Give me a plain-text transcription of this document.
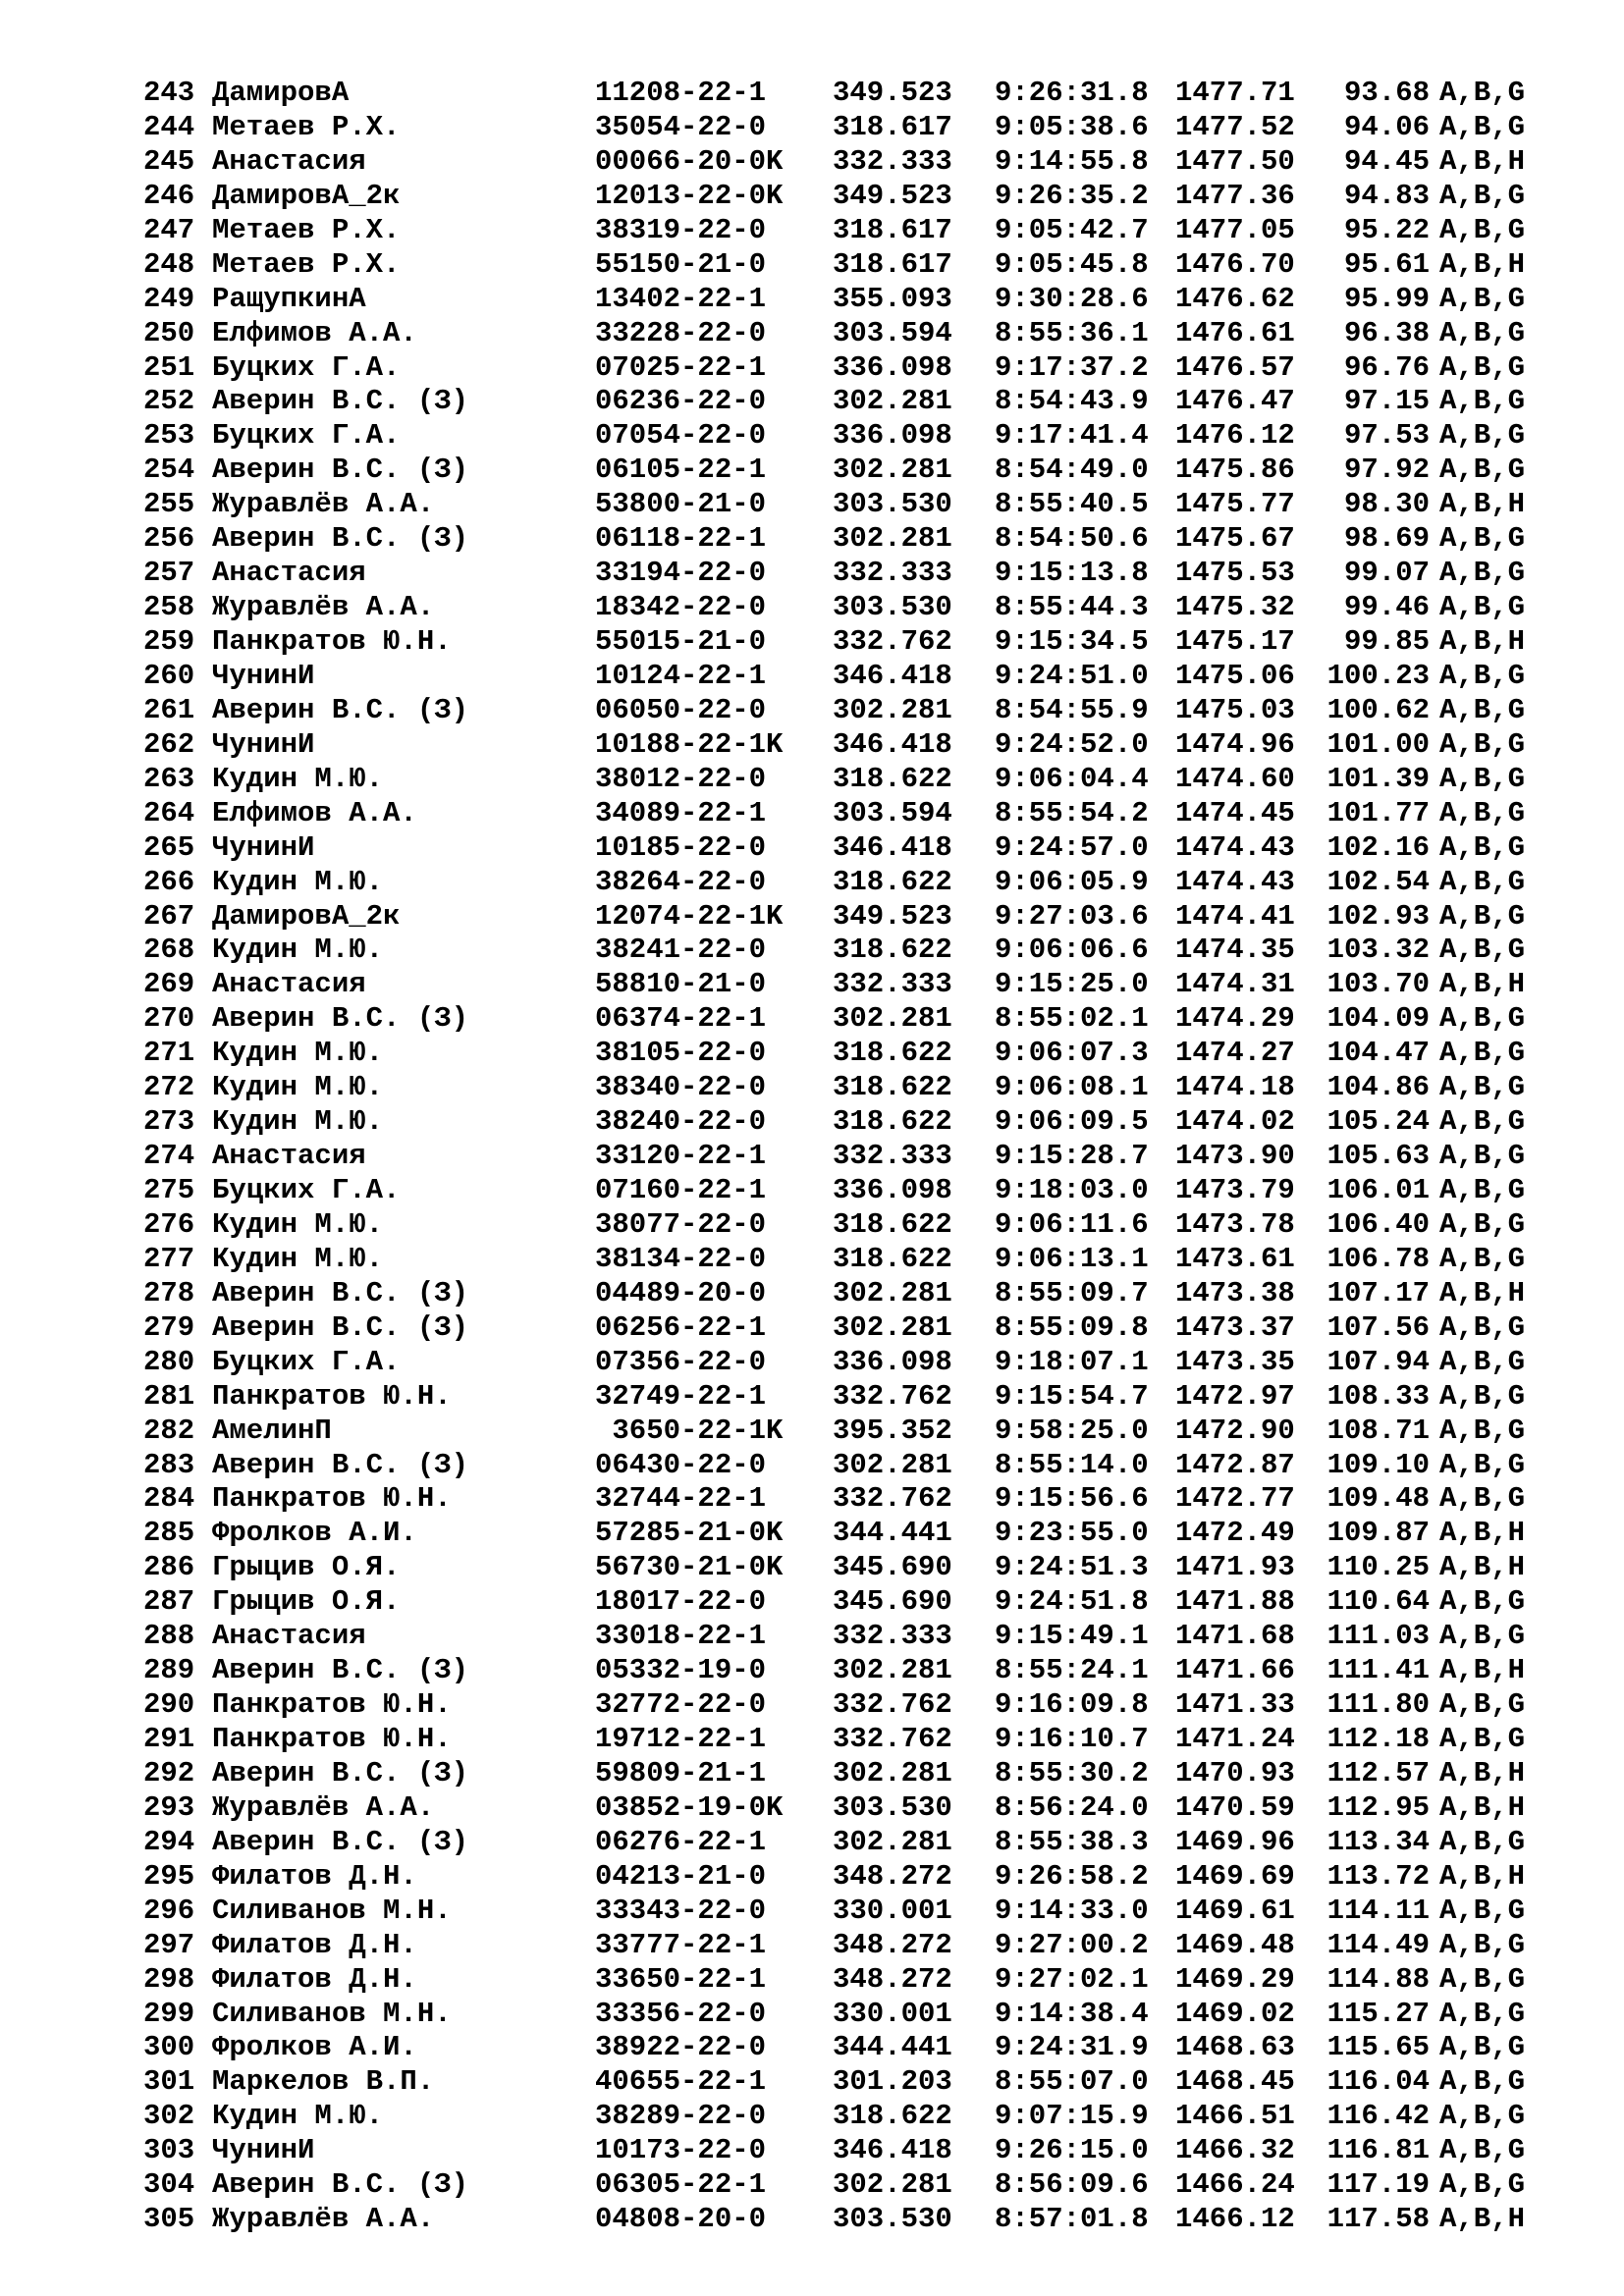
243 ДамировА	11208-22-1 349.523 9:26:31.8 1477.71	93.68 A,B,G
244 Метаев Р.Х.	35054-22-0 318.617 9:05:38.6 1477.52	94.06 A,B,G
245 Анастасия	00066-20-0K 332.333 9:14:55.8 1477.50	94.45 A,B,H
246 ДамировА_2к	12013-22-0K 349.523 9:26:35.2 1477.36	94.83 A,B,G
247 Метаев Р.Х.	38319-22-0 318.617 9:05:42.7 1477.05	95.22 A,B,G
248 Метаев Р.Х.	55150-21-0 318.617 9:05:45.8 1476.70	95.61 A,B,H
249 РащупкинА	13402-22-1 355.093 9:30:28.6 1476.62	95.99 A,B,G
250 Елфимов А.А.	33228-22-0 303.594 8:55:36.1 1476.61	96.38 A,B,G
251 Буцких Г.А.	07025-22-1 336.098 9:17:37.2 1476.57	96.76 A,B,G
252 Аверин В.С. (З)	06236-22-0 302.281 8:54:43.9 1476.47	97.15 A,B,G
253 Буцких Г.А.	07054-22-0 336.098 9:17:41.4 1476.12	97.53 A,B,G
254 Аверин В.С. (З)	06105-22-1 302.281 8:54:49.0 1475.86	97.92 A,B,G
255 Журавлёв А.А.	53800-21-0 303.530 8:55:40.5 1475.77	98.30 A,B,H
256 Аверин В.С. (З)	06118-22-1 302.281 8:54:50.6 1475.67	98.69 A,B,G
257 Анастасия	33194-22-0 332.333 9:15:13.8 1475.53	99.07 A,B,G
258 Журавлёв А.А.	18342-22-0 303.530 8:55:44.3 1475.32	99.46 A,B,G
259 Панкратов Ю.Н.	55015-21-0 332.762 9:15:34.5 1475.17	99.85 A,B,H
260 ЧунинИ	10124-22-1 346.418 9:24:51.0 1475.06 100.23 A,B,G
261 Аверин В.С. (З)	06050-22-0 302.281 8:54:55.9 1475.03 100.62 A,B,G
262 ЧунинИ	10188-22-1K 346.418 9:24:52.0 1474.96 101.00 A,B,G
263 Кудин М.Ю.	38012-22-0 318.622 9:06:04.4 1474.60 101.39 A,B,G
264 Елфимов А.А.	34089-22-1 303.594 8:55:54.2 1474.45 101.77 A,B,G
265 ЧунинИ	10185-22-0 346.418 9:24:57.0 1474.43 102.16 A,B,G
266 Кудин М.Ю.	38264-22-0 318.622 9:06:05.9 1474.43 102.54 A,B,G
267 ДамировА_2к	12074-22-1K 349.523 9:27:03.6 1474.41 102.93 A,B,G
268 Кудин М.Ю.	38241-22-0 318.622 9:06:06.6 1474.35 103.32 A,B,G
269 Анастасия	58810-21-0 332.333 9:15:25.0 1474.31 103.70 A,B,H
270 Аверин В.С. (З)	06374-22-1 302.281 8:55:02.1 1474.29 104.09 A,B,G
271 Кудин М.Ю.	38105-22-0 318.622 9:06:07.3 1474.27 104.47 A,B,G
272 Кудин М.Ю.	38340-22-0 318.622 9:06:08.1 1474.18 104.86 A,B,G
273 Кудин М.Ю.	38240-22-0 318.622 9:06:09.5 1474.02 105.24 A,B,G
274 Анастасия	33120-22-1 332.333 9:15:28.7 1473.90 105.63 A,B,G
275 Буцких Г.А.	07160-22-1 336.098 9:18:03.0 1473.79 106.01 A,B,G
276 Кудин М.Ю.	38077-22-0 318.622 9:06:11.6 1473.78 106.40 A,B,G
277 Кудин М.Ю.	38134-22-0 318.622 9:06:13.1 1473.61 106.78 A,B,G
278 Аверин В.С. (З)	04489-20-0 302.281 8:55:09.7 1473.38 107.17 A,B,H
279 Аверин В.С. (З)	06256-22-1 302.281 8:55:09.8 1473.37 107.56 A,B,G
280 Буцких Г.А.	07356-22-0 336.098 9:18:07.1 1473.35 107.94 A,B,G
281 Панкратов Ю.Н.	32749-22-1 332.762 9:15:54.7 1472.97 108.33 A,B,G
282 АмелинП	3650-22-1K 395.352 9:58:25.0 1472.90 108.71 A,B,G
283 Аверин В.С. (З)	06430-22-0 302.281 8:55:14.0 1472.87 109.10 A,B,G
284 Панкратов Ю.Н.	32744-22-1 332.762 9:15:56.6 1472.77 109.48 A,B,G
285 Фролков А.И.	57285-21-0K 344.441 9:23:55.0 1472.49 109.87 A,B,H
286 Грыцив О.Я.	56730-21-0K 345.690 9:24:51.3 1471.93 110.25 A,B,H
287 Грыцив О.Я.	18017-22-0 345.690 9:24:51.8 1471.88 110.64 A,B,G
288 Анастасия	33018-22-1 332.333 9:15:49.1 1471.68 111.03 A,B,G
289 Аверин В.С. (З)	05332-19-0 302.281 8:55:24.1 1471.66 111.41 A,B,H
290 Панкратов Ю.Н.	32772-22-0 332.762 9:16:09.8 1471.33 111.80 A,B,G
291 Панкратов Ю.Н.	19712-22-1 332.762 9:16:10.7 1471.24 112.18 A,B,G
292 Аверин В.С. (З)	59809-21-1 302.281 8:55:30.2 1470.93 112.57 A,B,H
293 Журавлёв А.А.	03852-19-0K 303.530 8:56:24.0 1470.59 112.95 A,B,H
294 Аверин В.С. (З)	06276-22-1 302.281 8:55:38.3 1469.96 113.34 A,B,G
295 Филатов Д.Н.	04213-21-0 348.272 9:26:58.2 1469.69 113.72 A,B,H
296 Силиванов М.Н.	33343-22-0 330.001 9:14:33.0 1469.61 114.11 A,B,G
297 Филатов Д.Н.	33777-22-1 348.272 9:27:00.2 1469.48 114.49 A,B,G
298 Филатов Д.Н.	33650-22-1 348.272 9:27:02.1 1469.29 114.88 A,B,G
299 Силиванов М.Н.	33356-22-0 330.001 9:14:38.4 1469.02 115.27 A,B,G
300 Фролков А.И.	38922-22-0 344.441 9:24:31.9 1468.63 115.65 A,B,G
301 Маркелов В.П.	40655-22-1 301.203 8:55:07.0 1468.45 116.04 A,B,G
302 Кудин М.Ю.	38289-22-0 318.622 9:07:15.9 1466.51 116.42 A,B,G
303 ЧунинИ	10173-22-0 346.418 9:26:15.0 1466.32 116.81 A,B,G
304 Аверин В.С. (З)	06305-22-1 302.281 8:56:09.6 1466.24 117.19 A,B,G
305 Журавлёв А.А.	04808-20-0 303.530 8:57:01.8 1466.12 117.58 A,B,H
